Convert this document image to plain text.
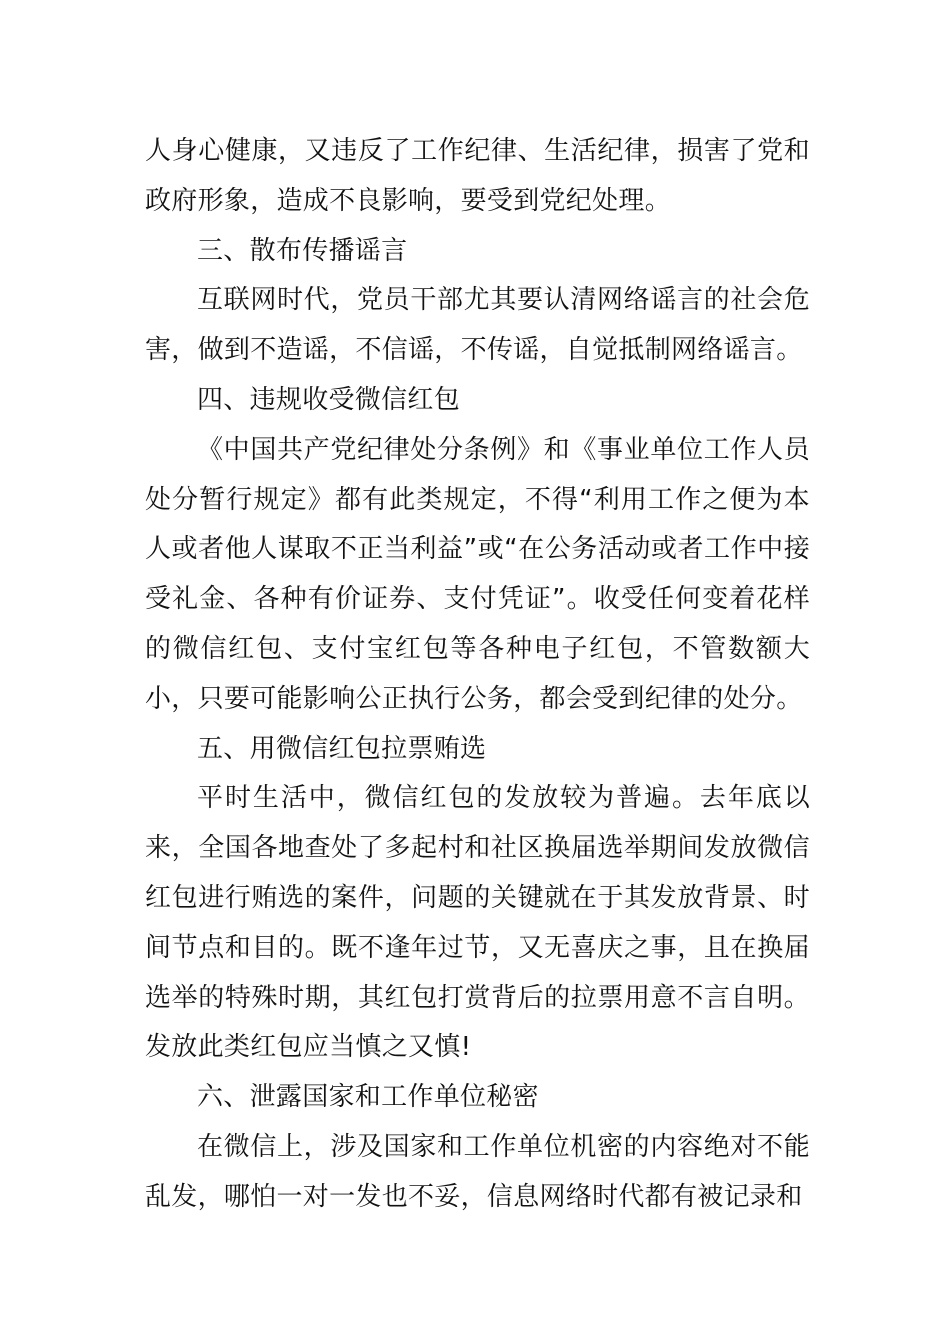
人身心健康，又违反了工作纪律、生活纪律，损害了党和政府形象，造成不良影响，要受到党纪处理。

三、散布传播谣言

互联网时代，党员干部尤其要认清网络谣言的社会危害，做到不造谣，不信谣，不传谣，自觉抵制网络谣言。

四、违规收受微信红包

《中国共产党纪律处分条例》和《事业单位工作人员处分暂行规定》都有此类规定，不得“利用工作之便为本人或者他人谋取不正当利益”或“在公务活动或者工作中接受礼金、各种有价证券、支付凭证”。收受任何变着花样的微信红包、支付宝红包等各种电子红包，不管数额大小，只要可能影响公正执行公务，都会受到纪律的处分。

五、用微信红包拉票贿选

平时生活中，微信红包的发放较为普遍。去年底以来，全国各地查处了多起村和社区换届选举期间发放微信红包进行贿选的案件，问题的关键就在于其发放背景、时间节点和目的。既不逢年过节，又无喜庆之事，且在换届选举的特殊时期，其红包打赏背后的拉票用意不言自明。发放此类红包应当慎之又慎!

六、泄露国家和工作单位秘密

在微信上，涉及国家和工作单位机密的内容绝对不能乱发，哪怕一对一发也不妥，信息网络时代都有被记录和
